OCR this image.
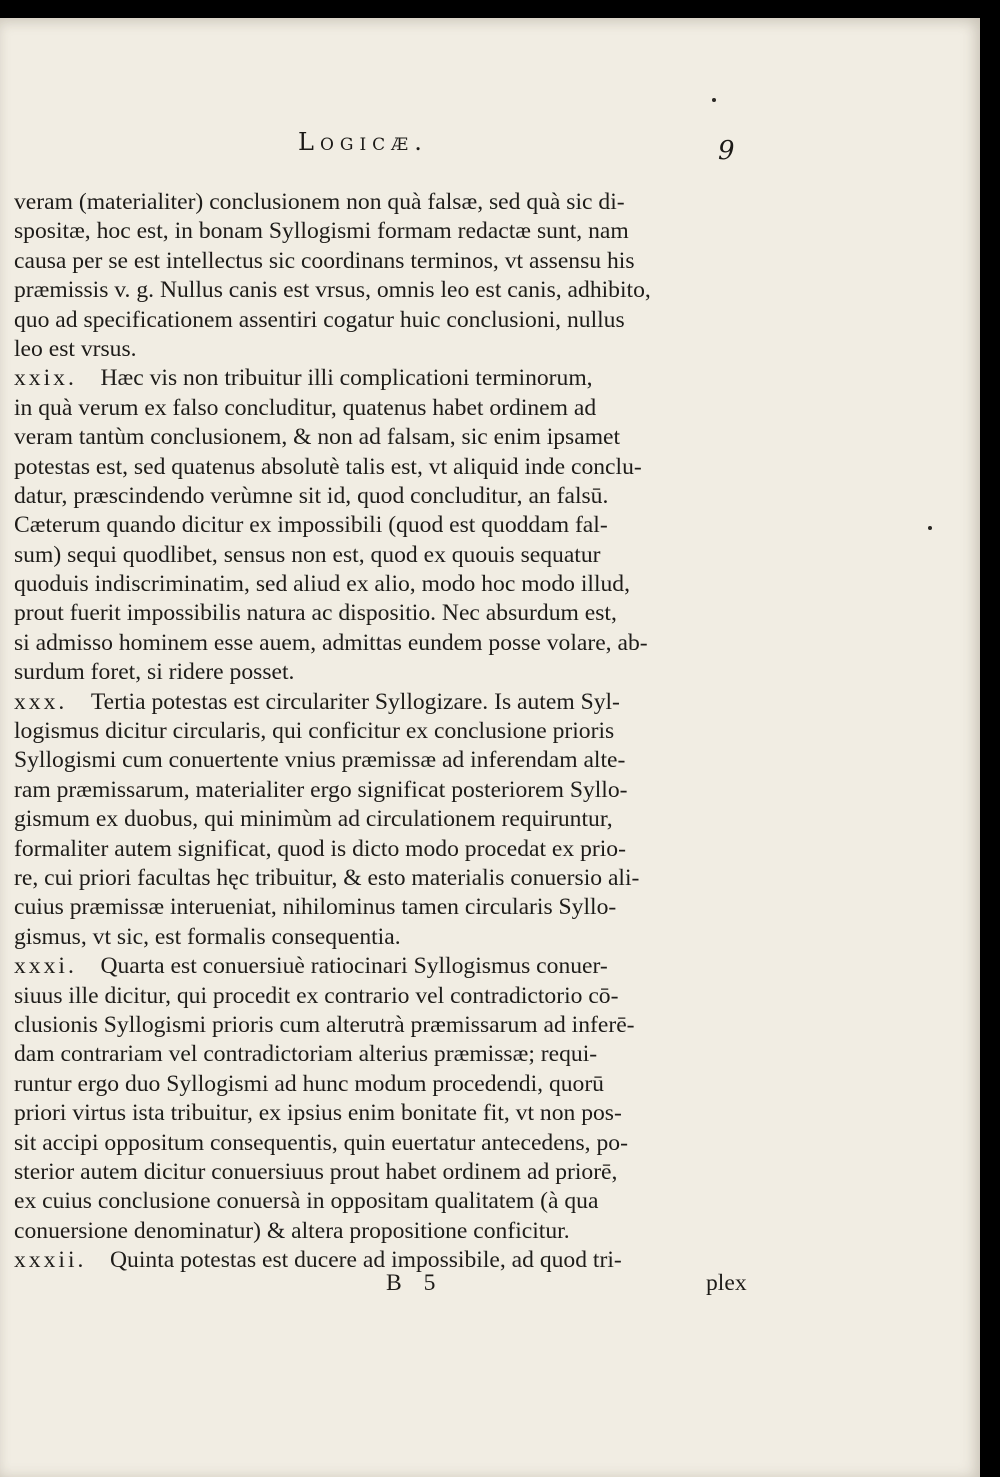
Logicæ.	9
veram (materialiter) conclusionem non quà falsæ, sed quà sic di-
spositæ, hoc est, in bonam Syllogismi formam redactæ sunt, nam
causa per se est intellectus sic coordinans terminos, vt assensu his
præmissis v. g. Nullus canis est vrsus, omnis leo est canis, adhibito,
quo ad specificationem assentiri cogatur huic conclusioni, nullus
leo est vrsus.
xxix.  Hæc vis non tribuitur illi complicationi terminorum,
in quà verum ex falso concluditur, quatenus habet ordinem ad
veram tantùm conclusionem, & non ad falsam, sic enim ipsamet
potestas est, sed quatenus absolutè talis est, vt aliquid inde conclu-
datur, præscindendo verùmne sit id, quod concluditur, an falsū.
Cæterum quando dicitur ex impossibili (quod est quoddam fal-
sum) sequi quodlibet, sensus non est, quod ex quouis sequatur
quoduis indiscriminatim, sed aliud ex alio, modo hoc modo illud,
prout fuerit impossibilis natura ac dispositio. Nec absurdum est,
si admisso hominem esse auem, admittas eundem posse volare, ab-
surdum foret, si ridere posset.
xxx.  Tertia potestas est circulariter Syllogizare. Is autem Syl-
logismus dicitur circularis, qui conficitur ex conclusione prioris
Syllogismi cum conuertente vnius præmissæ ad inferendam alte-
ram præmissarum, materialiter ergo significat posteriorem Syllo-
gismum ex duobus, qui minimùm ad circulationem requiruntur,
formaliter autem significat, quod is dicto modo procedat ex prio-
re, cui priori facultas hęc tribuitur, & esto materialis conuersio ali-
cuius præmissæ interueniat, nihilominus tamen circularis Syllo-
gismus, vt sic, est formalis consequentia.
xxxi.  Quarta est conuersiuè ratiocinari Syllogismus conuer-
siuus ille dicitur, qui procedit ex contrario vel contradictorio cō-
clusionis Syllogismi prioris cum alterutrà præmissarum ad inferē-
dam contrariam vel contradictoriam alterius præmissæ; requi-
runtur ergo duo Syllogismi ad hunc modum procedendi, quorū
priori virtus ista tribuitur, ex ipsius enim bonitate fit, vt non pos-
sit accipi oppositum consequentis, quin euertatur antecedens, po-
sterior autem dicitur conuersiuus prout habet ordinem ad priorē,
ex cuius conclusione conuersà in oppositam qualitatem (à qua
conuersione denominatur) & altera propositione conficitur.
xxxii.  Quinta potestas est ducere ad impossibile, ad quod tri-
B 5	plex
